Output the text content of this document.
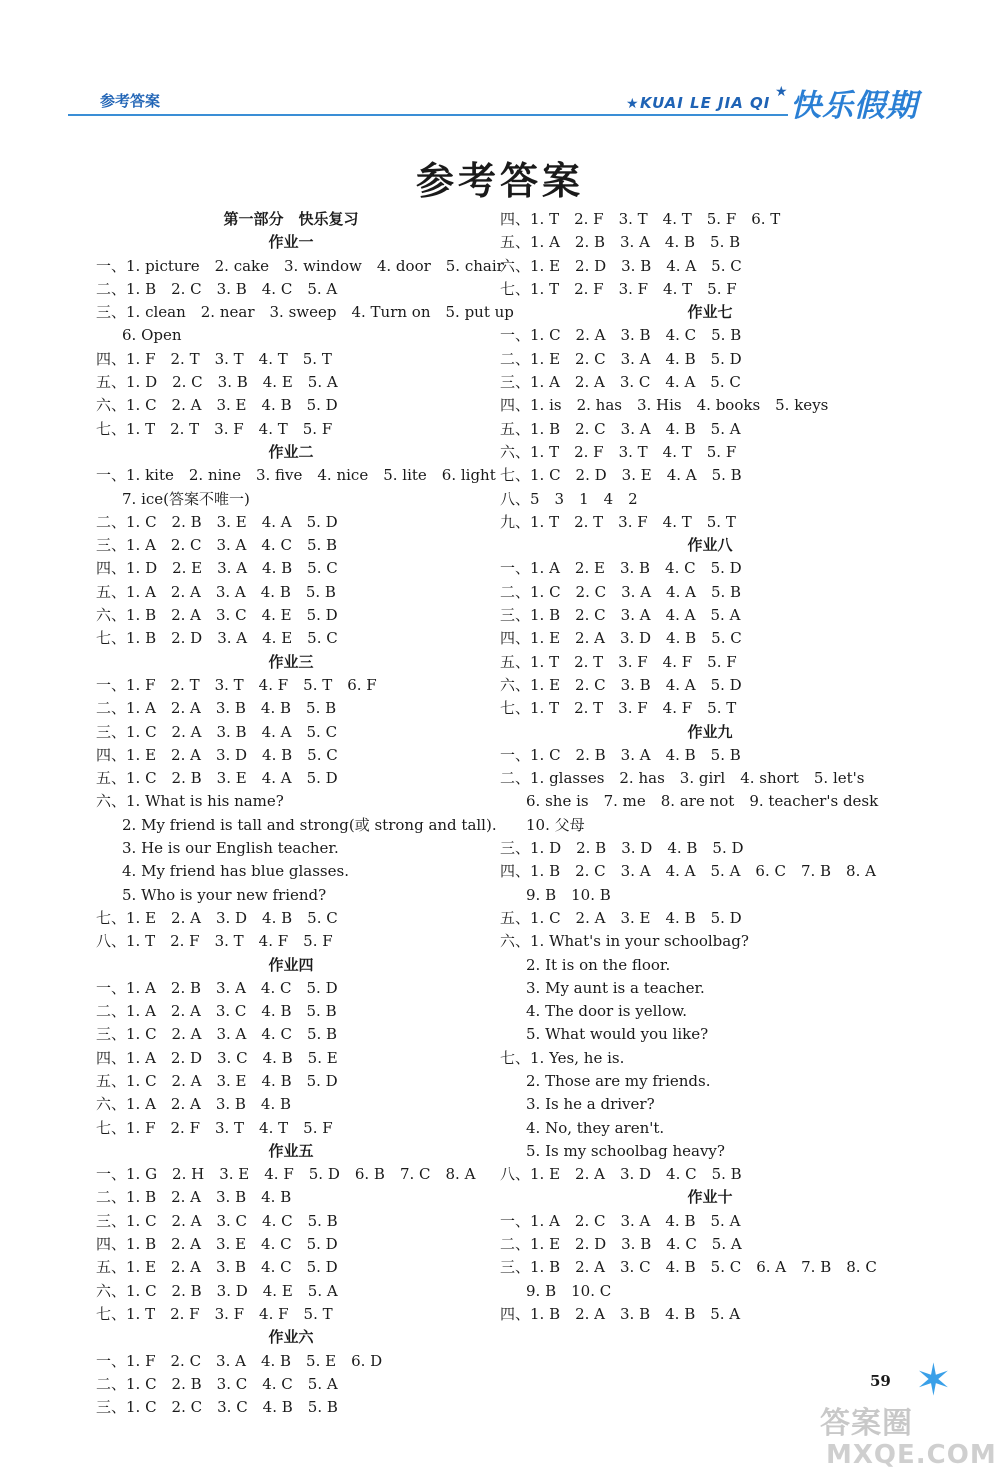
参考答案	★ KUAI LE JIA QI
★ 快乐假期
参考答案
第一部分　快乐复习
作业一
一、1. picture　2. cake　3. window　4. door　5. chair
二、1. B　2. C　3. B　4. C　5. A
三、1. clean　2. near　3. sweep　4. Turn on　5. put up
6. Open
四、1. F　2. T　3. T　4. T　5. T
五、1. D　2. C　3. B　4. E　5. A
六、1. C　2. A　3. E　4. B　5. D
七、1. T　2. T　3. F　4. T　5. F
作业二
一、1. kite　2. nine　3. five　4. nice　5. lite　6. light
7. ice(答案不唯一)
二、1. C　2. B　3. E　4. A　5. D
三、1. A　2. C　3. A　4. C　5. B
四、1. D　2. E　3. A　4. B　5. C
五、1. A　2. A　3. A　4. B　5. B
六、1. B　2. A　3. C　4. E　5. D
七、1. B　2. D　3. A　4. E　5. C
作业三
一、1. F　2. T　3. T　4. F　5. T　6. F
二、1. A　2. A　3. B　4. B　5. B
三、1. C　2. A　3. B　4. A　5. C
四、1. E　2. A　3. D　4. B　5. C
五、1. C　2. B　3. E　4. A　5. D
六、1. What is his name?
2. My friend is tall and strong(或 strong and tall).
3. He is our English teacher.
4. My friend has blue glasses.
5. Who is your new friend?
七、1. E　2. A　3. D　4. B　5. C
八、1. T　2. F　3. T　4. F　5. F
作业四
一、1. A　2. B　3. A　4. C　5. D
二、1. A　2. A　3. C　4. B　5. B
三、1. C　2. A　3. A　4. C　5. B
四、1. A　2. D　3. C　4. B　5. E
五、1. C　2. A　3. E　4. B　5. D
六、1. A　2. A　3. B　4. B
七、1. F　2. F　3. T　4. T　5. F
作业五
一、1. G　2. H　3. E　4. F　5. D　6. B　7. C　8. A
二、1. B　2. A　3. B　4. B
三、1. C　2. A　3. C　4. C　5. B
四、1. B　2. A　3. E　4. C　5. D
五、1. E　2. A　3. B　4. C　5. D
六、1. C　2. B　3. D　4. E　5. A
七、1. T　2. F　3. F　4. F　5. T
作业六
一、1. F　2. C　3. A　4. B　5. E　6. D
二、1. C　2. B　3. C　4. C　5. A
三、1. C　2. C　3. C　4. B　5. B
四、1. T　2. F　3. T　4. T　5. F　6. T
五、1. A　2. B　3. A　4. B　5. B
六、1. E　2. D　3. B　4. A　5. C
七、1. T　2. F　3. F　4. T　5. F
作业七
一、1. C　2. A　3. B　4. C　5. B
二、1. E　2. C　3. A　4. B　5. D
三、1. A　2. A　3. C　4. A　5. C
四、1. is　2. has　3. His　4. books　5. keys
五、1. B　2. C　3. A　4. B　5. A
六、1. T　2. F　3. T　4. T　5. F
七、1. C　2. D　3. E　4. A　5. B
八、5　3　1　4　2
九、1. T　2. T　3. F　4. T　5. T
作业八
一、1. A　2. E　3. B　4. C　5. D
二、1. C　2. C　3. A　4. A　5. B
三、1. B　2. C　3. A　4. A　5. A
四、1. E　2. A　3. D　4. B　5. C
五、1. T　2. T　3. F　4. F　5. F
六、1. E　2. C　3. B　4. A　5. D
七、1. T　2. T　3. F　4. F　5. T
作业九
一、1. C　2. B　3. A　4. B　5. B
二、1. glasses　2. has　3. girl　4. short　5. let's
6. she is　7. me　8. are not　9. teacher's desk
10. 父母
三、1. D　2. B　3. D　4. B　5. D
四、1. B　2. C　3. A　4. A　5. A　6. C　7. B　8. A
9. B　10. B
五、1. C　2. A　3. E　4. B　5. D
六、1. What's in your schoolbag?
2. It is on the floor.
3. My aunt is a teacher.
4. The door is yellow.
5. What would you like?
七、1. Yes, he is.
2. Those are my friends.
3. Is he a driver?
4. No, they aren't.
5. Is my schoolbag heavy?
八、1. E　2. A　3. D　4. C　5. B
作业十
一、1. A　2. C　3. A　4. B　5. A
二、1. E　2. D　3. B　4. C　5. A
三、1. B　2. A　3. C　4. B　5. C　6. A　7. B　8. C
9. B　10. C
四、1. B　2. A　3. B　4. B　5. A
59 ✶
答案圈
MXQE.COM
